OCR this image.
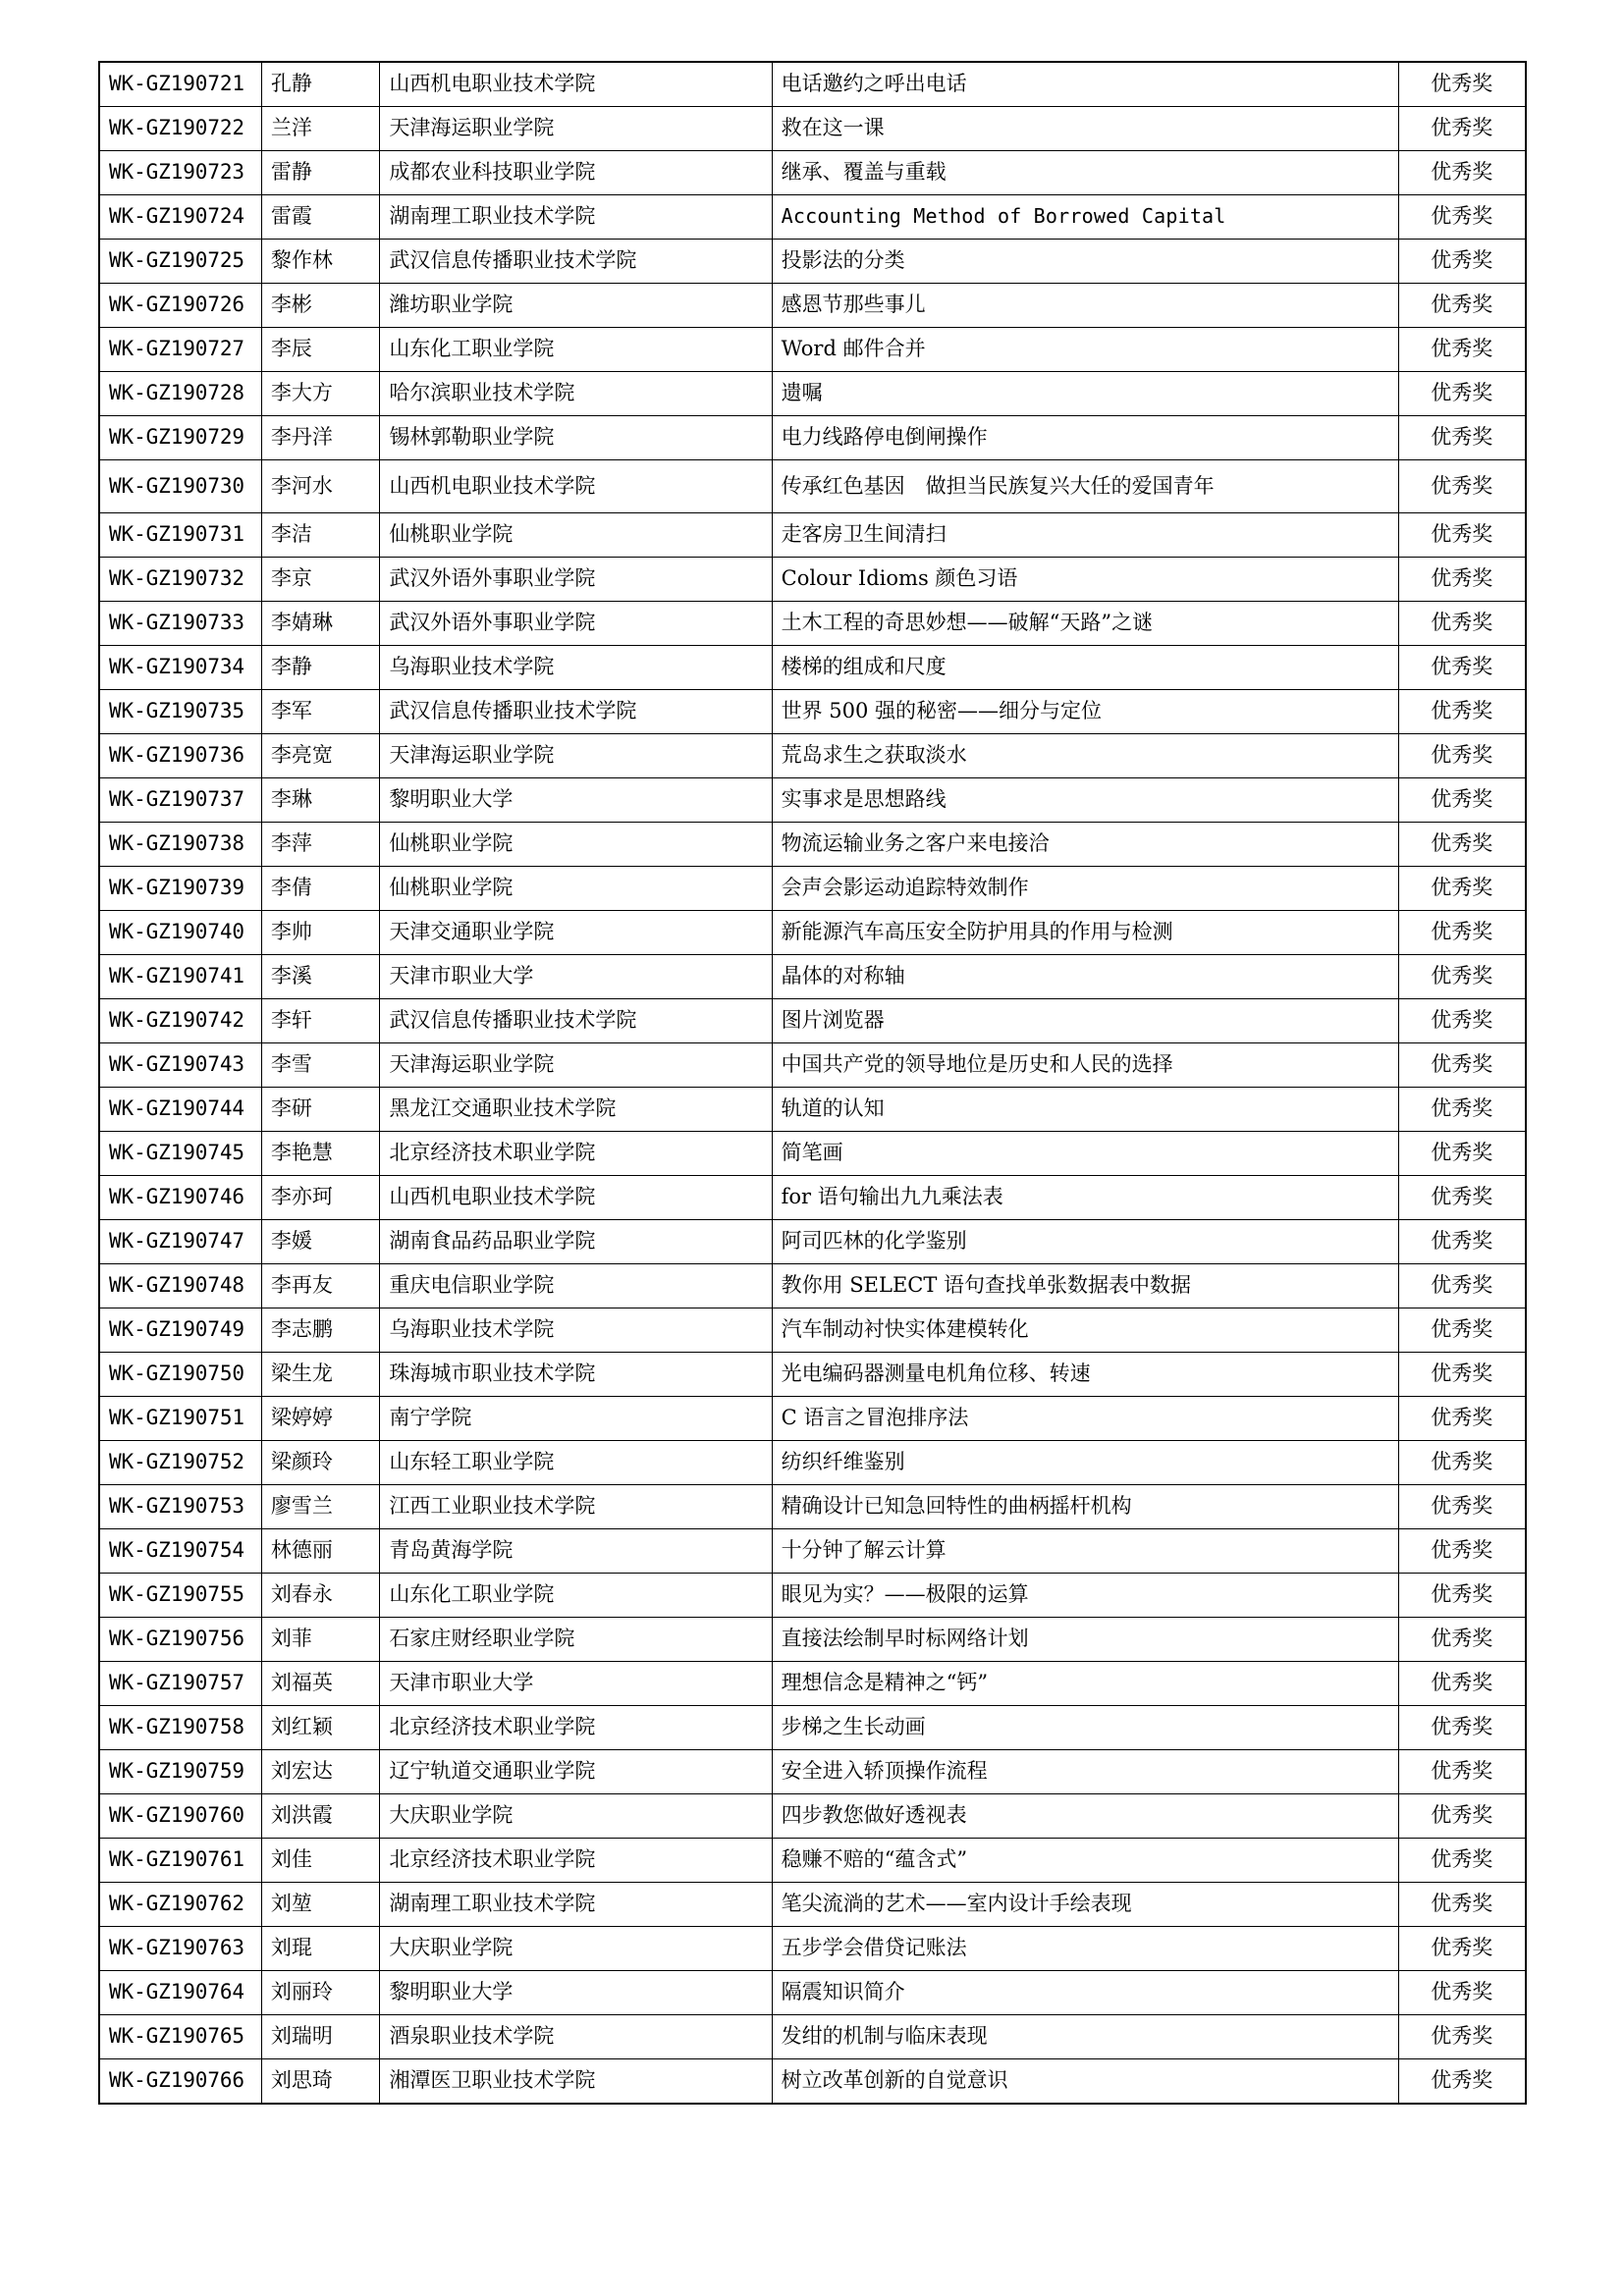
WK-GZ190721	孔静	山西机电职业技术学院	电话邀约之呼出电话	优秀奖
WK-GZ190722	兰洋	天津海运职业学院	救在这一课	优秀奖
WK-GZ190723	雷静	成都农业科技职业学院	继承、覆盖与重载	优秀奖
WK-GZ190724	雷霞	湖南理工职业技术学院	Accounting Method of Borrowed Capital	优秀奖
WK-GZ190725	黎作林	武汉信息传播职业技术学院	投影法的分类	优秀奖
WK-GZ190726	李彬	潍坊职业学院	感恩节那些事儿	优秀奖
WK-GZ190727	李辰	山东化工职业学院	Word 邮件合并	优秀奖
WK-GZ190728	李大方	哈尔滨职业技术学院	遗嘱	优秀奖
WK-GZ190729	李丹洋	锡林郭勒职业学院	电力线路停电倒闸操作	优秀奖
WK-GZ190730	李河水	山西机电职业技术学院	传承红色基因　做担当民族复兴大任的爱国青年	优秀奖
WK-GZ190731	李洁	仙桃职业学院	走客房卫生间清扫	优秀奖
WK-GZ190732	李京	武汉外语外事职业学院	Colour Idioms 颜色习语	优秀奖
WK-GZ190733	李婧琳	武汉外语外事职业学院	土木工程的奇思妙想——破解“天路”之谜	优秀奖
WK-GZ190734	李静	乌海职业技术学院	楼梯的组成和尺度	优秀奖
WK-GZ190735	李军	武汉信息传播职业技术学院	世界 500 强的秘密——细分与定位	优秀奖
WK-GZ190736	李亮宽	天津海运职业学院	荒岛求生之获取淡水	优秀奖
WK-GZ190737	李琳	黎明职业大学	实事求是思想路线	优秀奖
WK-GZ190738	李萍	仙桃职业学院	物流运输业务之客户来电接洽	优秀奖
WK-GZ190739	李倩	仙桃职业学院	会声会影运动追踪特效制作	优秀奖
WK-GZ190740	李帅	天津交通职业学院	新能源汽车高压安全防护用具的作用与检测	优秀奖
WK-GZ190741	李溪	天津市职业大学	晶体的对称轴	优秀奖
WK-GZ190742	李轩	武汉信息传播职业技术学院	图片浏览器	优秀奖
WK-GZ190743	李雪	天津海运职业学院	中国共产党的领导地位是历史和人民的选择	优秀奖
WK-GZ190744	李研	黑龙江交通职业技术学院	轨道的认知	优秀奖
WK-GZ190745	李艳慧	北京经济技术职业学院	简笔画	优秀奖
WK-GZ190746	李亦珂	山西机电职业技术学院	for 语句输出九九乘法表	优秀奖
WK-GZ190747	李媛	湖南食品药品职业学院	阿司匹林的化学鉴别	优秀奖
WK-GZ190748	李再友	重庆电信职业学院	教你用 SELECT 语句查找单张数据表中数据	优秀奖
WK-GZ190749	李志鹏	乌海职业技术学院	汽车制动衬快实体建模转化	优秀奖
WK-GZ190750	梁生龙	珠海城市职业技术学院	光电编码器测量电机角位移、转速	优秀奖
WK-GZ190751	梁婷婷	南宁学院	C 语言之冒泡排序法	优秀奖
WK-GZ190752	梁颜玲	山东轻工职业学院	纺织纤维鉴别	优秀奖
WK-GZ190753	廖雪兰	江西工业职业技术学院	精确设计已知急回特性的曲柄摇杆机构	优秀奖
WK-GZ190754	林德丽	青岛黄海学院	十分钟了解云计算	优秀奖
WK-GZ190755	刘春永	山东化工职业学院	眼见为实？——极限的运算	优秀奖
WK-GZ190756	刘菲	石家庄财经职业学院	直接法绘制早时标网络计划	优秀奖
WK-GZ190757	刘福英	天津市职业大学	理想信念是精神之“钙”	优秀奖
WK-GZ190758	刘红颖	北京经济技术职业学院	步梯之生长动画	优秀奖
WK-GZ190759	刘宏达	辽宁轨道交通职业学院	安全进入轿顶操作流程	优秀奖
WK-GZ190760	刘洪霞	大庆职业学院	四步教您做好透视表	优秀奖
WK-GZ190761	刘佳	北京经济技术职业学院	稳赚不赔的“蕴含式”	优秀奖
WK-GZ190762	刘堃	湖南理工职业技术学院	笔尖流淌的艺术——室内设计手绘表现	优秀奖
WK-GZ190763	刘琨	大庆职业学院	五步学会借贷记账法	优秀奖
WK-GZ190764	刘丽玲	黎明职业大学	隔震知识简介	优秀奖
WK-GZ190765	刘瑞明	酒泉职业技术学院	发绀的机制与临床表现	优秀奖
WK-GZ190766	刘思琦	湘潭医卫职业技术学院	树立改革创新的自觉意识	优秀奖
